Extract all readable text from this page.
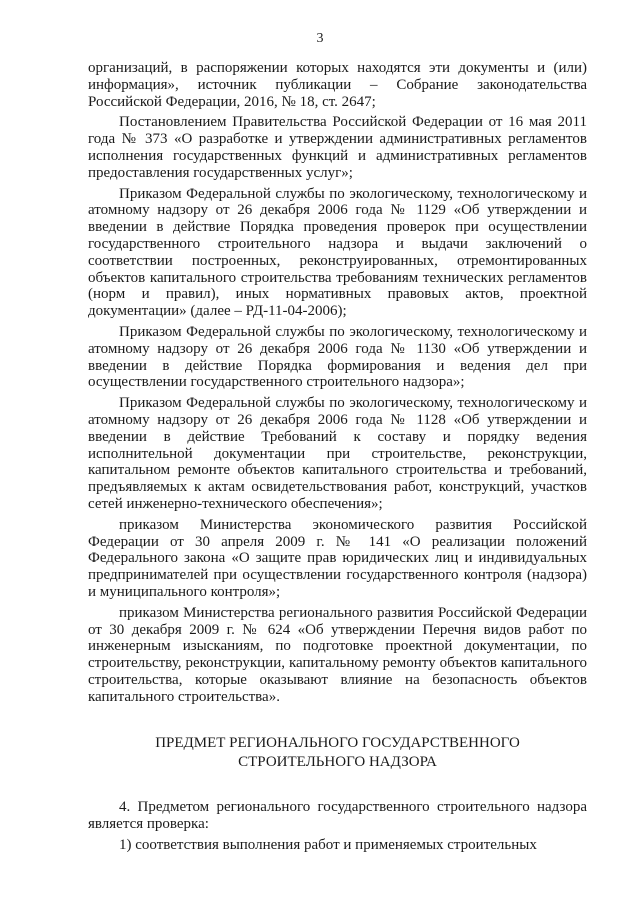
3

организаций, в распоряжении которых находятся эти документы и (или) информация», источник публикации – Собрание законодательства Российской Федерации, 2016, № 18, ст. 2647;

Постановлением Правительства Российской Федерации от 16 мая 2011 года № 373 «О разработке и утверждении административных регламентов исполнения государственных функций и административных регламентов предоставления государственных услуг»;

Приказом Федеральной службы по экологическому, технологическому и атомному надзору от 26 декабря 2006 года № 1129 «Об утверждении и введении в действие Порядка проведения проверок при осуществлении государственного строительного надзора и выдачи заключений о соответствии построенных, реконструированных, отремонтированных объектов капитального строительства требованиям технических регламентов (норм и правил), иных нормативных правовых актов, проектной документации» (далее – РД-11-04-2006);

Приказом Федеральной службы по экологическому, технологическому и атомному надзору от 26 декабря 2006 года № 1130 «Об утверждении и введении в действие Порядка формирования и ведения дел при осуществлении государственного строительного надзора»;

Приказом Федеральной службы по экологическому, технологическому и атомному надзору от 26 декабря 2006 года № 1128 «Об утверждении и введении в действие Требований к составу и порядку ведения исполнительной документации при строительстве, реконструкции, капитальном ремонте объектов капитального строительства и требований, предъявляемых к актам освидетельствования работ, конструкций, участков сетей инженерно-технического обеспечения»;

приказом Министерства экономического развития Российской Федерации от 30 апреля 2009 г. № 141 «О реализации положений Федерального закона «О защите прав юридических лиц и индивидуальных предпринимателей при осуществлении государственного контроля (надзора) и муниципального контроля»;

приказом Министерства регионального развития Российской Федерации от 30 декабря 2009 г. № 624 «Об утверждении Перечня видов работ по инженерным изысканиям, по подготовке проектной документации, по строительству, реконструкции, капитальному ремонту объектов капитального строительства, которые оказывают влияние на безопасность объектов капитального строительства».

ПРЕДМЕТ РЕГИОНАЛЬНОГО ГОСУДАРСТВЕННОГО
СТРОИТЕЛЬНОГО НАДЗОРА

4. Предметом регионального государственного строительного надзора является проверка:

1) соответствия выполнения работ и применяемых строительных
